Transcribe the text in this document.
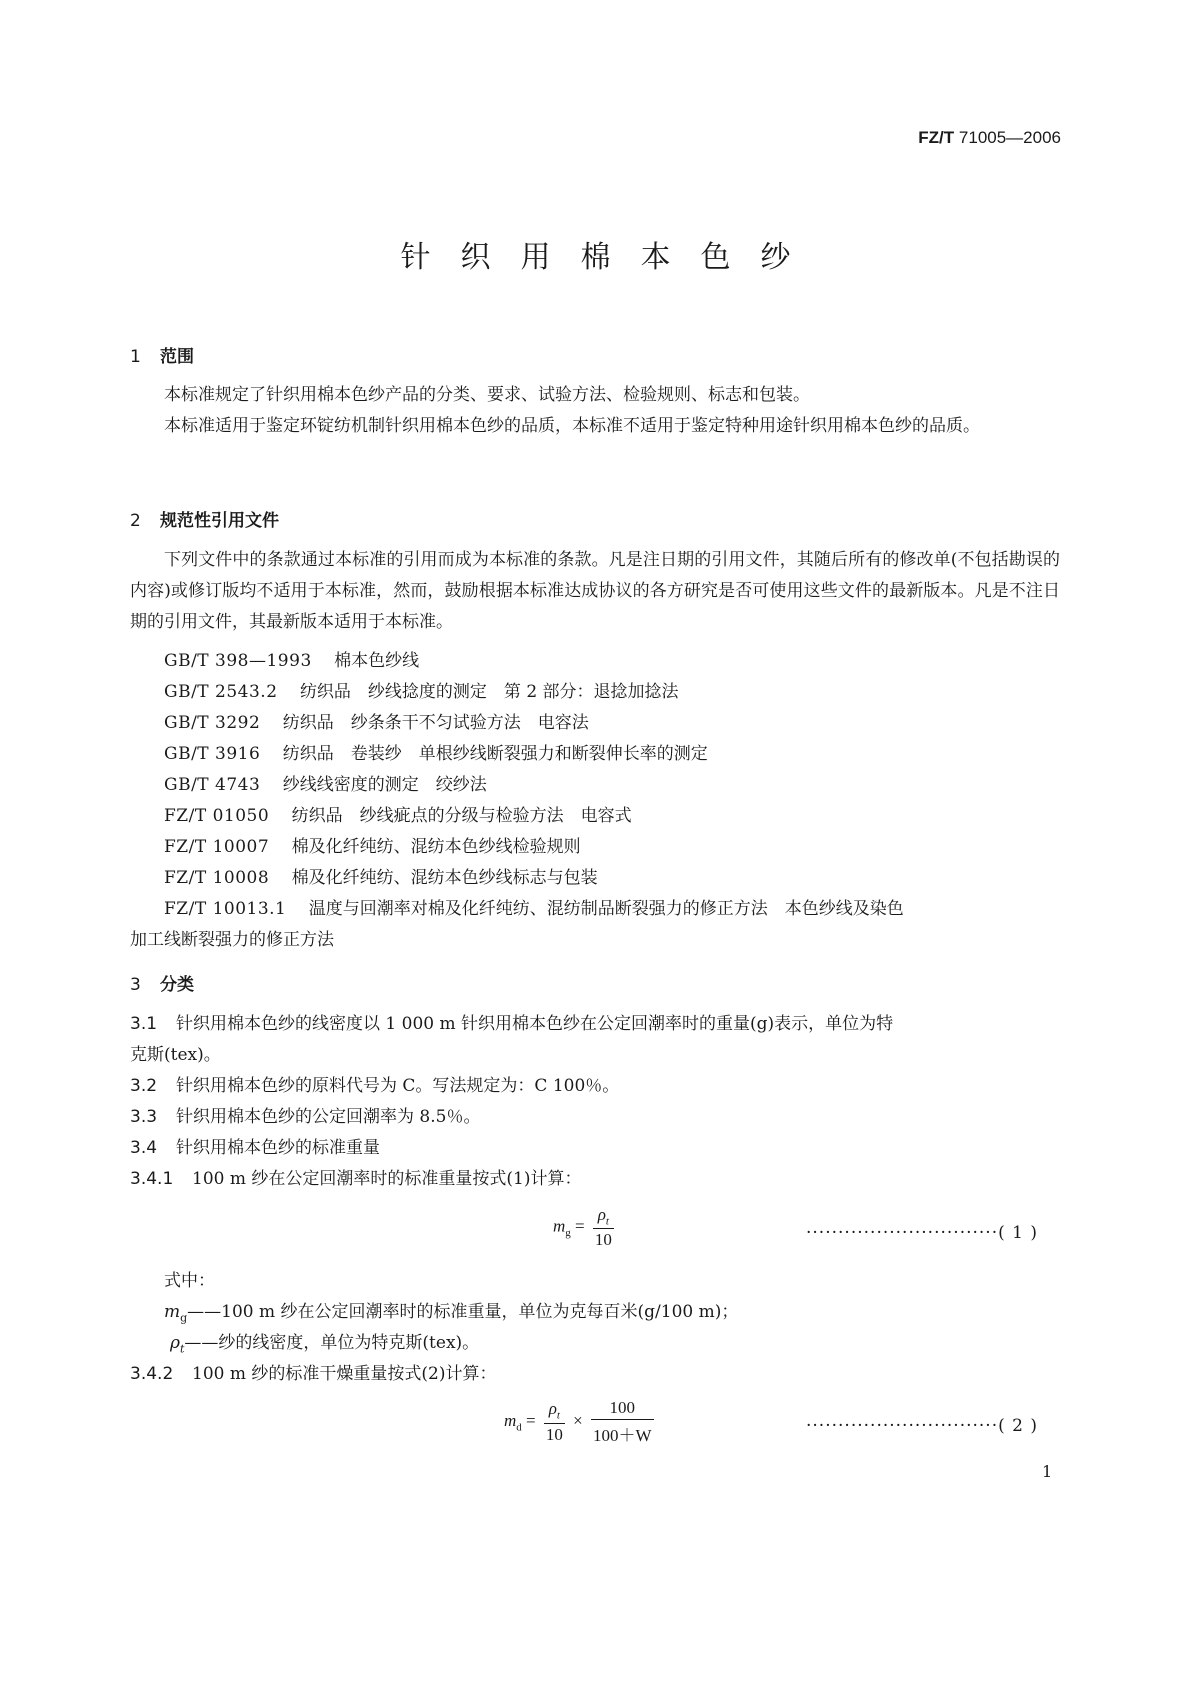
FZ/T 71005—2006
针织用棉本色纱
1 范围
本标准规定了针织用棉本色纱产品的分类、要求、试验方法、检验规则、标志和包装。
本标准适用于鉴定环锭纺机制针织用棉本色纱的品质，本标准不适用于鉴定特种用途针织用棉本色纱的品质。
2 规范性引用文件
下列文件中的条款通过本标准的引用而成为本标准的条款。凡是注日期的引用文件，其随后所有的修改单(不包括勘误的内容)或修订版均不适用于本标准，然而，鼓励根据本标准达成协议的各方研究是否可使用这些文件的最新版本。凡是不注日期的引用文件，其最新版本适用于本标准。
GB/T 398—1993　 棉本色纱线
GB/T 2543.2　 纺织品　纱线捻度的测定　第 2 部分：退捻加捻法
GB/T 3292　 纺织品　纱条条干不匀试验方法　电容法
GB/T 3916　 纺织品　卷装纱　单根纱线断裂强力和断裂伸长率的测定
GB/T 4743　 纱线线密度的测定　绞纱法
FZ/T 01050　 纺织品　纱线疵点的分级与检验方法　电容式
FZ/T 10007　 棉及化纤纯纺、混纺本色纱线检验规则
FZ/T 10008　 棉及化纤纯纺、混纺本色纱线标志与包装
FZ/T 10013.1　 温度与回潮率对棉及化纤纯纺、混纺制品断裂强力的修正方法　本色纱线及染色
加工线断裂强力的修正方法
3 分类
3.1 针织用棉本色纱的线密度以 1 000 m 针织用棉本色纱在公定回潮率时的重量(g)表示，单位为特
克斯(tex)。
3.2 针织用棉本色纱的原料代号为 C。写法规定为：C 100％。
3.3 针织用棉本色纱的公定回潮率为 8.5％。
3.4 针织用棉本色纱的标准重量
3.4.1 100 m 纱在公定回潮率时的标准重量按式(1)计算：
$m_g = \frac{\rho_t}{10}$	······························( 1 )
式中：
$m_g——100$ m 纱在公定回潮率时的标准重量，单位为克每百米(g/100 m)；
$\rho_t——$纱的线密度，单位为特克斯(tex)。
3.4.2 100 m 纱的标准干燥重量按式(2)计算：
$m_d = \frac{\rho_t}{10} \times \frac{100}{100+W}$	······························( 2 )
1
